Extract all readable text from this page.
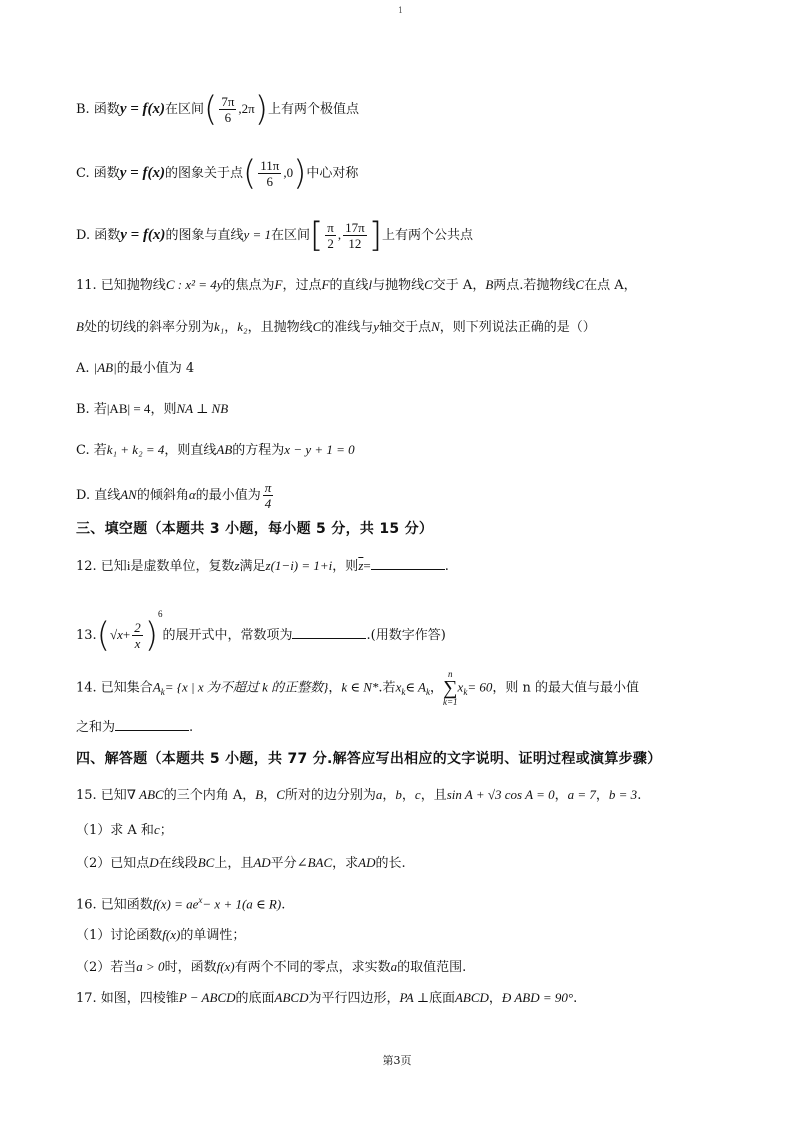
1
B. 函数y = f(x)在区间( $\frac{7\pi}{6} ,2\pi$)上有两个极值点
C. 函数y = f(x)的图象关于点( $\frac{11\pi}{6} ,0$)中心对称
D. 函数y = f(x)的图象与直线y = 1在区间[ $\frac{\pi}{2}$ , $\frac{17\pi}{12}$ ]上有两个公共点
11. 已知抛物线C : x² = 4y的焦点为F，过点F的直线l与抛物线C交于 A，B两点.若抛物线C在点 A，
B处的切线的斜率分别为k₁，k₂，且抛物线C的准线与y轴交于点N，则下列说法正确的是（）
A. |AB|的最小值为 4
B. 若|AB| = 4，则NA ⊥ NB
C. 若k₁ + k₂ = 4，则直线AB的方程为x − y + 1 = 0
D. 直线AN的倾斜角α的最小值为 $\frac{\pi}{4}$
三、填空题（本题共 3 小题，每小题 5 分，共 15 分）
12. 已知i是虚数单位，复数z满足z(1−i) = 1+i，则$\overline{z}=$	.
$13.(√x+ \frac{2}{x} )^6$的展开式中，常数项为	.(用数字作答)
14. 已知集合$A_k= \{x$ | x 为不超过 k 的正整数}，k ∈ N*.若$x_k\in$ $A_k$，
n
∑
k=1
$x_k= 60$，则 n 的最大值与最小值
之和为	.
四、解答题（本题共 5 小题，共 77 分.解答应写出相应的文字说明、证明过程或演算步骤）
15. 已知∇ ABC的三个内角 A，B，C所对的边分别为a，b，c，且sin A + √3 cos A = 0，a = 7，b = 3.
（1）求 A 和c；
（2）已知点D在线段BC上，且AD平分∠BAC，求AD的长.
16. 已知函数$f(x) = ae^x- x + 1(a$ ∈ R).
（1）讨论函数f(x)的单调性；
（2）若当a > 0时，函数f(x)有两个不同的零点，求实数a的取值范围.
17. 如图，四棱锥P − ABCD的底面ABCD为平行四边形，PA ⊥底面ABCD，Ð ABD = 90°.
第3页
